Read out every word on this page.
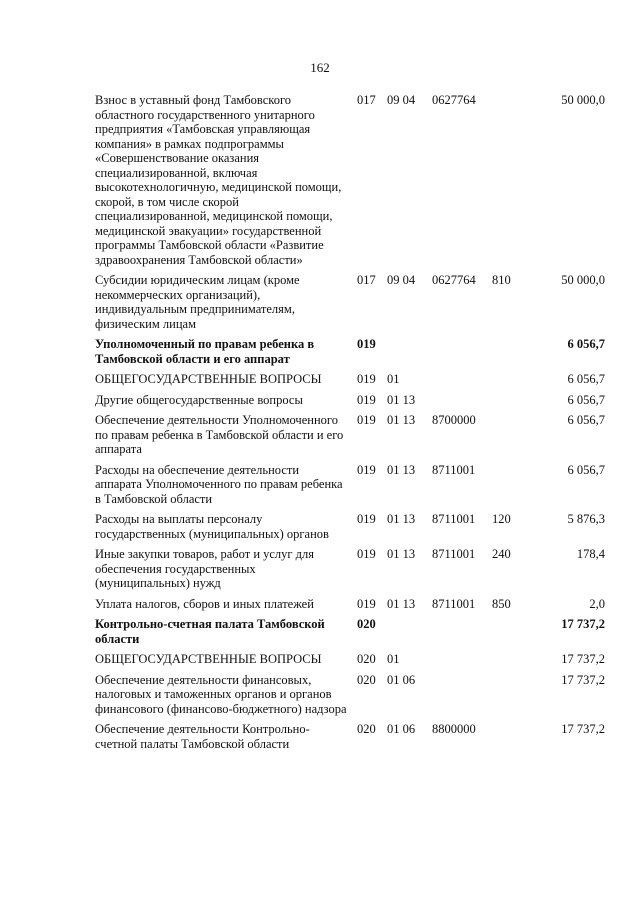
162
Взнос в уставный фонд Тамбовского областного государственного унитарного предприятия «Тамбовская управляющая компания» в рамках подпрограммы «Совершенствование оказания специализированной, включая высокотехнологичную, медицинской помощи, скорой, в том числе скорой специализированной, медицинской помощи, медицинской эвакуации» государственной программы Тамбовской области «Развитие здравоохранения Тамбовской области»	017	09 04	0627764		50 000,0
Субсидии юридическим лицам (кроме некоммерческих организаций), индивидуальным предпринимателям, физическим лицам	017	09 04	0627764	810	50 000,0
Уполномоченный по правам ребенка в Тамбовской области и его аппарат	019				6 056,7
ОБЩЕГОСУДАРСТВЕННЫЕ ВОПРОСЫ	019	01			6 056,7
Другие общегосударственные вопросы	019	01 13			6 056,7
Обеспечение деятельности Уполномоченного по правам ребенка в Тамбовской области и его аппарата	019	01 13	8700000		6 056,7
Расходы на обеспечение деятельности аппарата Уполномоченного по правам ребенка в Тамбовской области	019	01 13	8711001		6 056,7
Расходы на выплаты персоналу государственных (муниципальных) органов	019	01 13	8711001	120	5 876,3
Иные закупки товаров, работ и услуг для обеспечения государственных (муниципальных) нужд	019	01 13	8711001	240	178,4
Уплата налогов, сборов и иных платежей	019	01 13	8711001	850	2,0
Контрольно-счетная палата Тамбовской области	020				17 737,2
ОБЩЕГОСУДАРСТВЕННЫЕ ВОПРОСЫ	020	01			17 737,2
Обеспечение деятельности финансовых, налоговых и таможенных органов и органов финансового (финансово-бюджетного) надзора	020	01 06			17 737,2
Обеспечение деятельности Контрольно-счетной палаты Тамбовской области	020	01 06	8800000		17 737,2
